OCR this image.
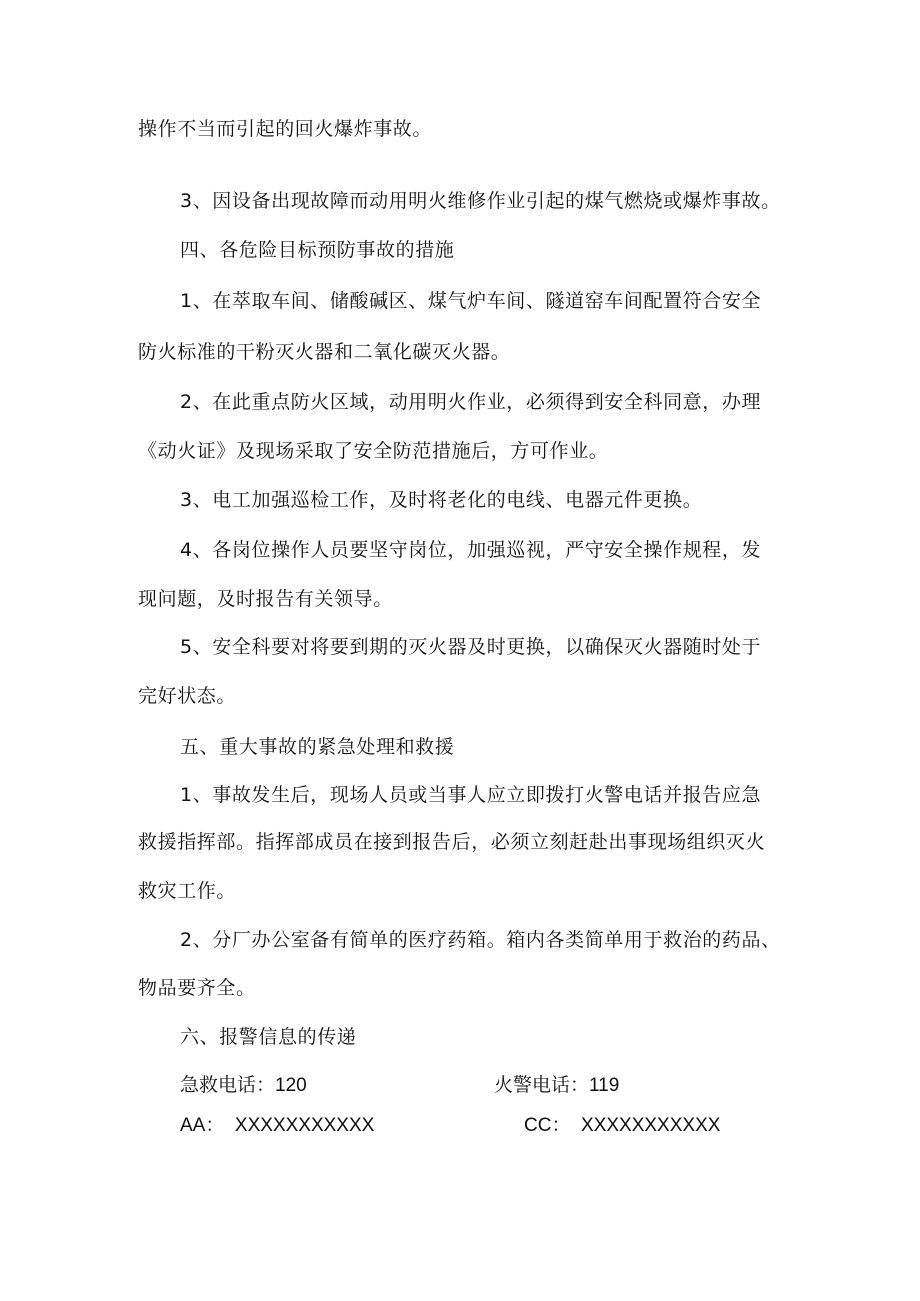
操作不当而引起的回火爆炸事故。
3、因设备出现故障而动用明火维修作业引起的煤气燃烧或爆炸事故。
四、各危险目标预防事故的措施
1、在萃取车间、储酸碱区、煤气炉车间、隧道窑车间配置符合安全
防火标准的干粉灭火器和二氧化碳灭火器。
2、在此重点防火区域，动用明火作业，必须得到安全科同意，办理
《动火证》及现场采取了安全防范措施后，方可作业。
3、电工加强巡检工作，及时将老化的电线、电器元件更换。
4、各岗位操作人员要坚守岗位，加强巡视，严守安全操作规程，发
现问题，及时报告有关领导。
5、安全科要对将要到期的灭火器及时更换，以确保灭火器随时处于
完好状态。
五、重大事故的紧急处理和救援
1、事故发生后，现场人员或当事人应立即拨打火警电话并报告应急
救援指挥部。指挥部成员在接到报告后，必须立刻赶赴出事现场组织灭火
救灾工作。
2、分厂办公室备有简单的医疗药箱。箱内各类简单用于救治的药品、
物品要齐全。
六、报警信息的传递
急救电话：120	火警电话：119
AA： XXXXXXXXXXX	CC： XXXXXXXXXXX
